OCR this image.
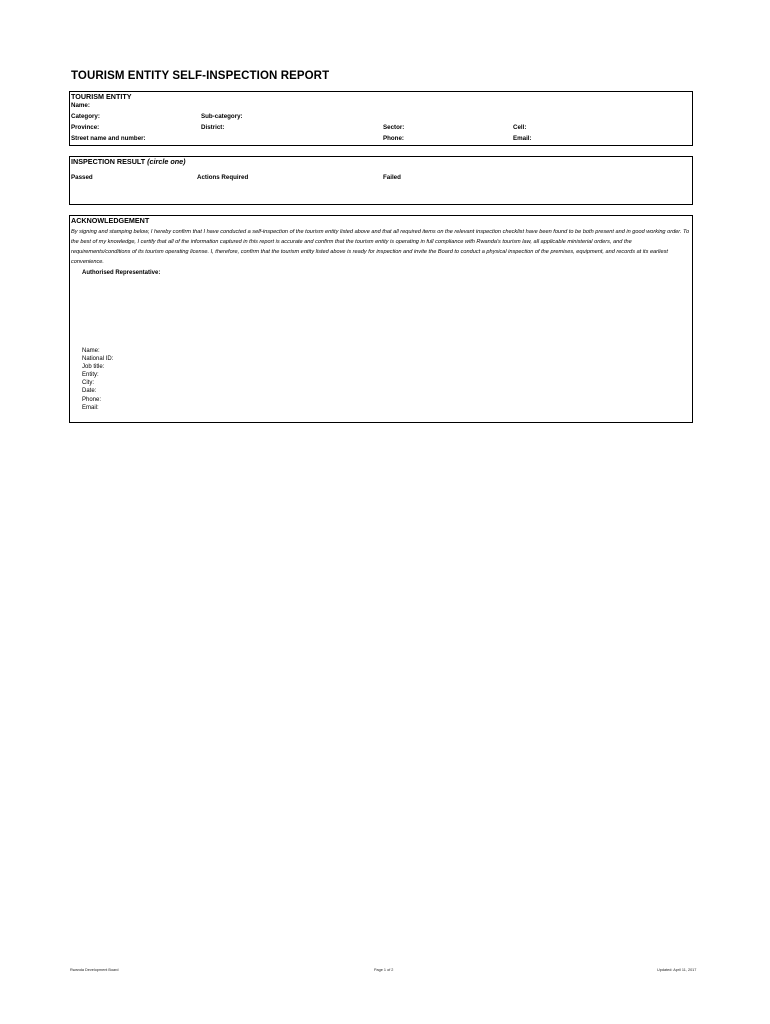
TOURISM ENTITY SELF-INSPECTION REPORT
TOURISM ENTITY
Name:
Category:	Sub-category:
Province:	District:	Sector:	Cell:
Street name and number:	Phone:	Email:
INSPECTION RESULT (circle one)
Passed	Actions Required	Failed
ACKNOWLEDGEMENT
By signing and stamping below, I hereby confirm that I have conducted a self-inspection of the tourism entity listed above and that all required items on the relevant inspection checklist have been found to be both present and in good working order. To the best of my knowledge, I certify that all of the information captured in this report is accurate and confirm that the tourism entity is operating in full compliance with Rwanda's tourism law, all applicable ministerial orders, and the requirements/conditions of its tourism operating license. I, therefore, confirm that the tourism entity listed above is ready for inspection and invite the Board to conduct a physical inspection of the premises, equipment, and records at its earliest convenience.
Authorised Representative:
Name:
National ID:
Job title:
Entity:
City:
Date:
Phone:
Email:
Rwanda Development Board	Page 1 of 2	Updated: April 11, 2017
